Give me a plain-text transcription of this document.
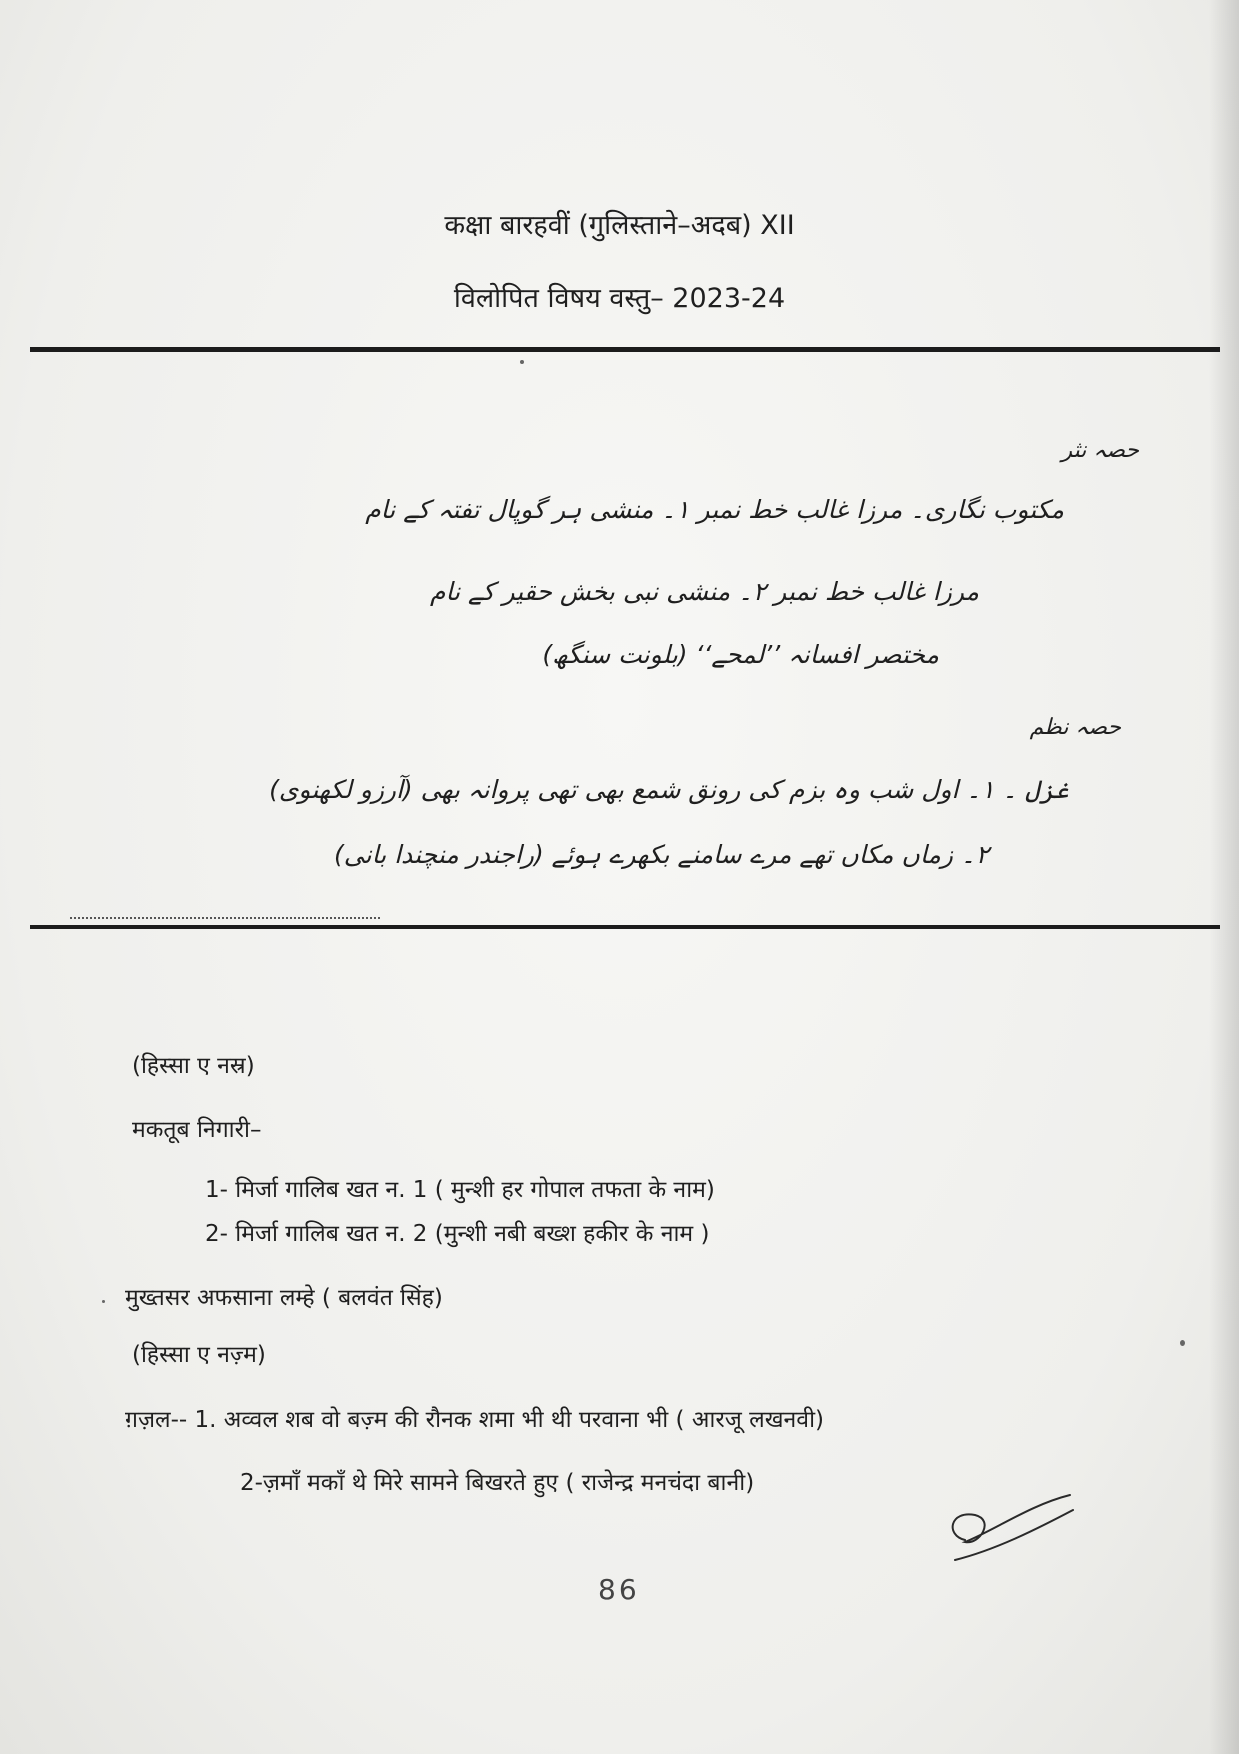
कक्षा बारहवीं (गुलिस्ताने–अदब) XII
विलोपित विषय वस्तु– 2023-24
حصہ نثر
مکتوب نگاری۔ مرزا غالب خط نمبر ۱۔ منشی ہر گوپال تفتہ کے نام
مرزا غالب خط نمبر ۲۔ منشی نبی بخش حقیر کے نام
مختصر افسانہ ’’لمحے‘‘ (بلونت سنگھ)
حصہ نظم
غزل ۔ ۱۔ اول شب وہ بزم کی رونق شمع بھی تھی پروانہ بھی (آرزو لکھنوی)
۲۔ زماں مکاں تھے مرے سامنے بکھرے ہوئے (راجندر منچندا بانی)
(हिस्सा ए नस्र)
मकतूब निगारी–
1- मिर्जा गालिब खत न. 1 ( मुन्शी हर गोपाल तफता के नाम)
2- मिर्जा गालिब खत न. 2 (मुन्शी नबी बख्श हकीर के नाम )
मुख्तसर अफसाना लम्हे ( बलवंत सिंह)
(हिस्सा ए नज़्म)
ग़ज़ल-- 1. अव्वल शब वो बज़्म की रौनक शमा भी थी परवाना भी ( आरजू लखनवी)
2-ज़मॉं मकॉं थे मिरे सामने बिखरते हुए ( राजेन्द्र मनचंदा बानी)
86
